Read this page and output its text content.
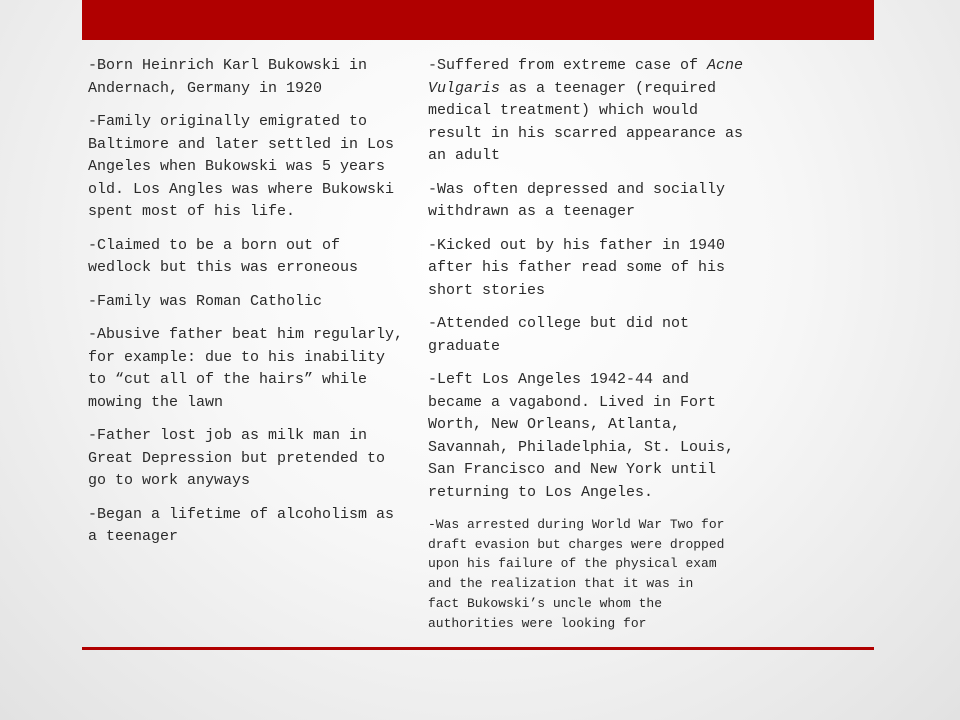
-Born Heinrich Karl Bukowski in
Andernach, Germany in 1920

-Family originally emigrated to
Baltimore and later settled in Los
Angeles when Bukowski was 5 years
old. Los Angles was where Bukowski
spent most of his life.

-Claimed to be a born out of
wedlock but this was erroneous

-Family was Roman Catholic

-Abusive father beat him regularly,
for example: due to his inability
to “cut all of the hairs” while
mowing the lawn

-Father lost job as milk man in
Great Depression but pretended to
go to work anyways

-Began a lifetime of alcoholism as
a teenager

-Suffered from extreme case of Acne
Vulgaris as a teenager (required
medical treatment) which would
result in his scarred appearance as
an adult

-Was often depressed and socially
withdrawn as a teenager

-Kicked out by his father in 1940
after his father read some of his
short stories

-Attended college but did not
graduate

-Left Los Angeles 1942-44 and
became a vagabond. Lived in Fort
Worth, New Orleans, Atlanta,
Savannah, Philadelphia, St. Louis,
San Francisco and New York until
returning to Los Angeles.

-Was arrested during World War Two for
draft evasion but charges were dropped
upon his failure of the physical exam
and the realization that it was in
fact Bukowski’s uncle whom the
authorities were looking for
